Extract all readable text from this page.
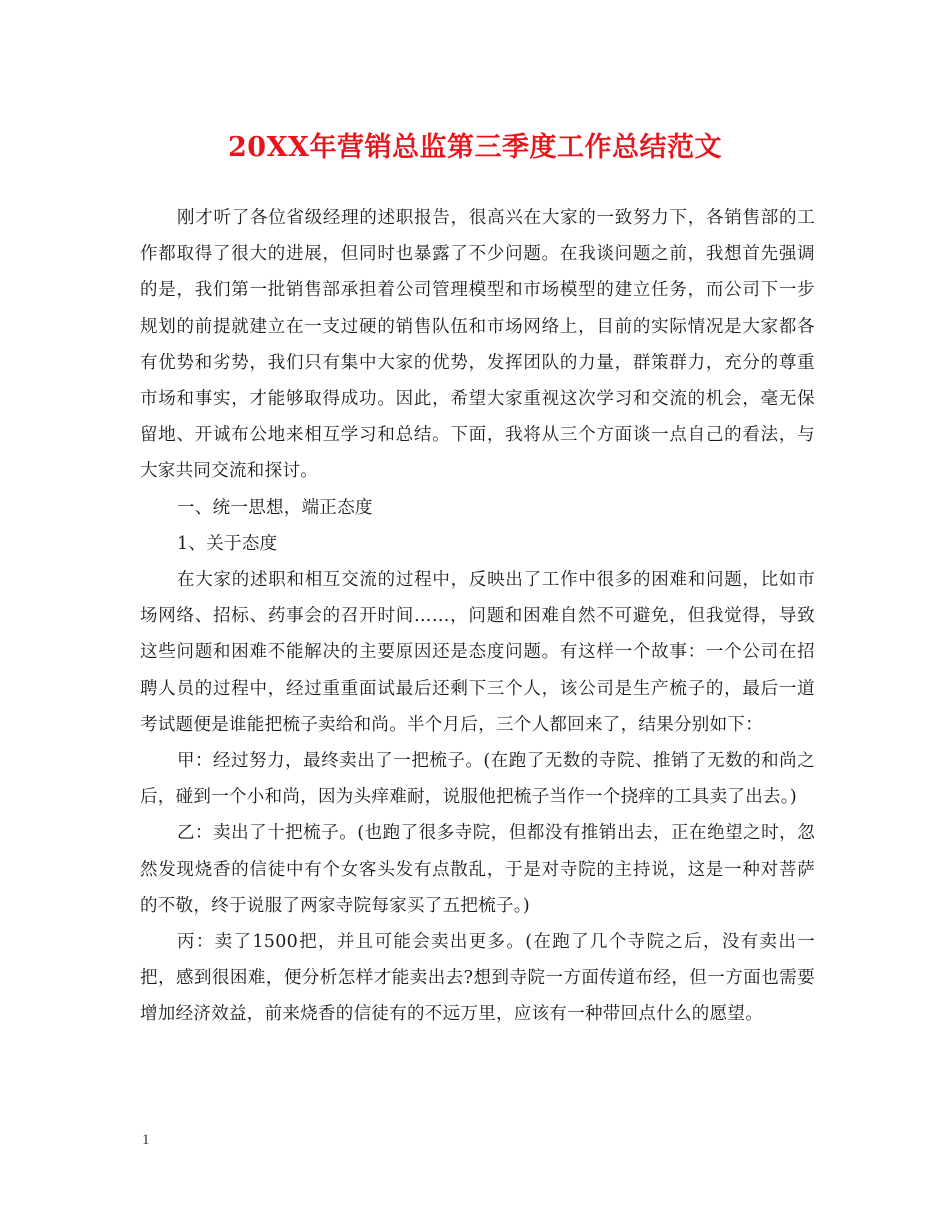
20XX年营销总监第三季度工作总结范文

刚才听了各位省级经理的述职报告，很高兴在大家的一致努力下，各销售部的工作都取得了很大的进展，但同时也暴露了不少问题。在我谈问题之前，我想首先强调的是，我们第一批销售部承担着公司管理模型和市场模型的建立任务，而公司下一步规划的前提就建立在一支过硬的销售队伍和市场网络上，目前的实际情况是大家都各有优势和劣势，我们只有集中大家的优势，发挥团队的力量，群策群力，充分的尊重市场和事实，才能够取得成功。因此，希望大家重视这次学习和交流的机会，毫无保留地、开诚布公地来相互学习和总结。下面，我将从三个方面谈一点自己的看法，与大家共同交流和探讨。

一、统一思想，端正态度

1、关于态度

在大家的述职和相互交流的过程中，反映出了工作中很多的困难和问题，比如市场网络、招标、药事会的召开时间……，问题和困难自然不可避免，但我觉得，导致这些问题和困难不能解决的主要原因还是态度问题。有这样一个故事：一个公司在招聘人员的过程中，经过重重面试最后还剩下三个人，该公司是生产梳子的，最后一道考试题便是谁能把梳子卖给和尚。半个月后，三个人都回来了，结果分别如下：

甲：经过努力，最终卖出了一把梳子。(在跑了无数的寺院、推销了无数的和尚之后，碰到一个小和尚，因为头痒难耐，说服他把梳子当作一个挠痒的工具卖了出去。)

乙：卖出了十把梳子。(也跑了很多寺院，但都没有推销出去，正在绝望之时，忽然发现烧香的信徒中有个女客头发有点散乱，于是对寺院的主持说，这是一种对菩萨的不敬，终于说服了两家寺院每家买了五把梳子。)

丙：卖了1500把，并且可能会卖出更多。(在跑了几个寺院之后，没有卖出一把，感到很困难，便分析怎样才能卖出去?想到寺院一方面传道布经，但一方面也需要增加经济效益，前来烧香的信徒有的不远万里，应该有一种带回点什么的愿望。

1
